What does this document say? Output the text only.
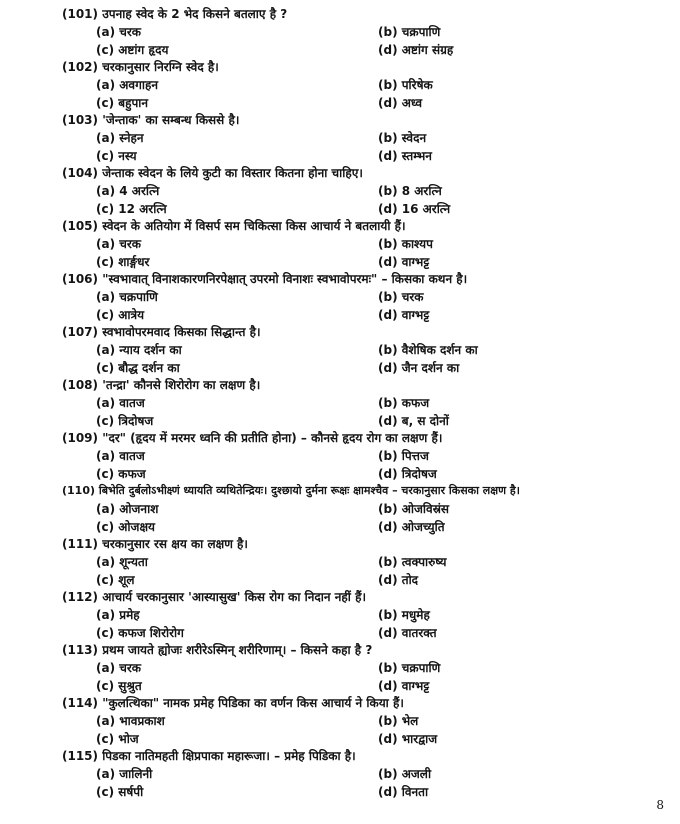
(101) उपनाह स्वेद के 2 भेद किसने बतलाए है ?
(a) चरक	(b) चक्रपाणि
(c) अष्टांग हृदय	(d) अष्टांग संग्रह
(102) चरकानुसार निरग्नि स्वेद है।
(a) अवगाहन	(b) परिषेक
(c) बहुपान	(d) अध्व
(103) 'जेन्ताक' का सम्बन्ध किससे है।
(a) स्नेहन	(b) स्वेदन
(c) नस्य	(d) स्तम्भन
(104) जेन्ताक स्वेदन के लिये कुटी का विस्तार कितना होना चाहिए।
(a) 4 अरत्नि	(b) 8 अरत्नि
(c) 12 अरत्नि	(d) 16 अरत्नि
(105) स्वेदन के अतियोग में विसर्प सम चिकित्सा किस आचार्य ने बतलायी हैं।
(a) चरक	(b) काश्यप
(c) शार्ङ्गधर	(d) वाग्भट्ट
(106) "स्वभावात् विनाशकारणनिरपेक्षात् उपरमो विनाशः स्वभावोपरमः" – किसका कथन है।
(a) चक्रपाणि	(b) चरक
(c) आत्रेय	(d) वाग्भट्ट
(107) स्वभावोपरमवाद किसका सिद्धान्त है।
(a) न्याय दर्शन का	(b) वैशेषिक दर्शन का
(c) बौद्ध दर्शन का	(d) जैन दर्शन का
(108) 'तन्द्रा' कौनसे शिरोरोग का लक्षण है।
(a) वातज	(b) कफज
(c) त्रिदोषज	(d) ब, स दोनों
(109) "दर" (हृदय में मरमर ध्वनि की प्रतीति होना) – कौनसे हृदय रोग का लक्षण हैं।
(a) वातज	(b) पित्तज
(c) कफज	(d) त्रिदोषज
(110) बिभेति दुर्बलोऽभीक्ष्णं ध्यायति व्यथितेन्द्रियः। दुश्छायो दुर्मना रूक्षः क्षामश्चैव – चरकानुसार किसका लक्षण है।
(a) ओजनाश	(b) ओजविस्रंस
(c) ओजक्षय	(d) ओजच्युति
(111) चरकानुसार रस क्षय का लक्षण है।
(a) शून्यता	(b) त्वक्पारुष्य
(c) शूल	(d) तोद
(112) आचार्य चरकानुसार 'आस्यासुख' किस रोग का निदान नहीं हैं।
(a) प्रमेह	(b) मधुमेह
(c) कफज शिरोरोग	(d) वातरक्त
(113) प्रथम जायते ह्योजः शरीरेऽस्मिन् शरीरिणाम्। – किसने कहा है ?
(a) चरक	(b) चक्रपाणि
(c) सुश्रुत	(d) वाग्भट्ट
(114) "कुलत्थिका" नामक प्रमेह पिडिका का वर्णन किस आचार्य ने किया हैं।
(a) भावप्रकाश	(b) भेल
(c) भोज	(d) भारद्वाज
(115) पिडका नातिमहती क्षिप्रपाका महारूजा। – प्रमेह पिडिका है।
(a) जालिनी	(b) अजली
(c) सर्षपी	(d) विनता
8
